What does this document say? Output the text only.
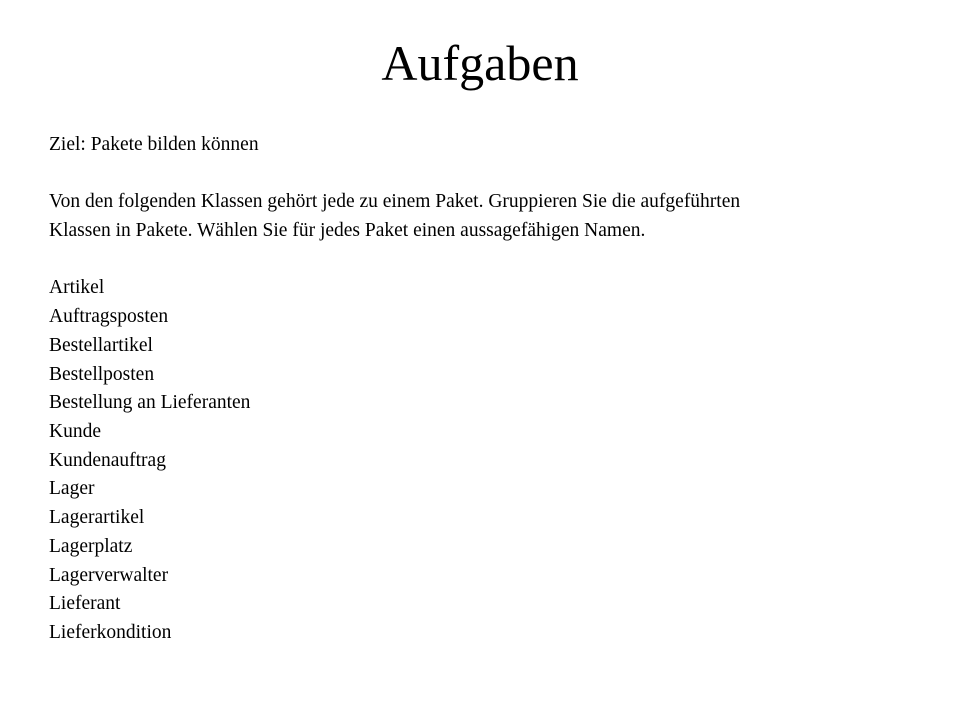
Aufgaben

Ziel: Pakete bilden können

Von den folgenden Klassen gehört jede zu einem Paket. Gruppieren Sie die aufgeführten

Klassen in Pakete. Wählen Sie für jedes Paket einen aussagefähigen Namen.

Artikel
Auftragsposten
Bestellartikel
Bestellposten
Bestellung an Lieferanten
Kunde
Kundenauftrag
Lager
Lagerartikel
Lagerplatz
Lagerverwalter
Lieferant
Lieferkondition
